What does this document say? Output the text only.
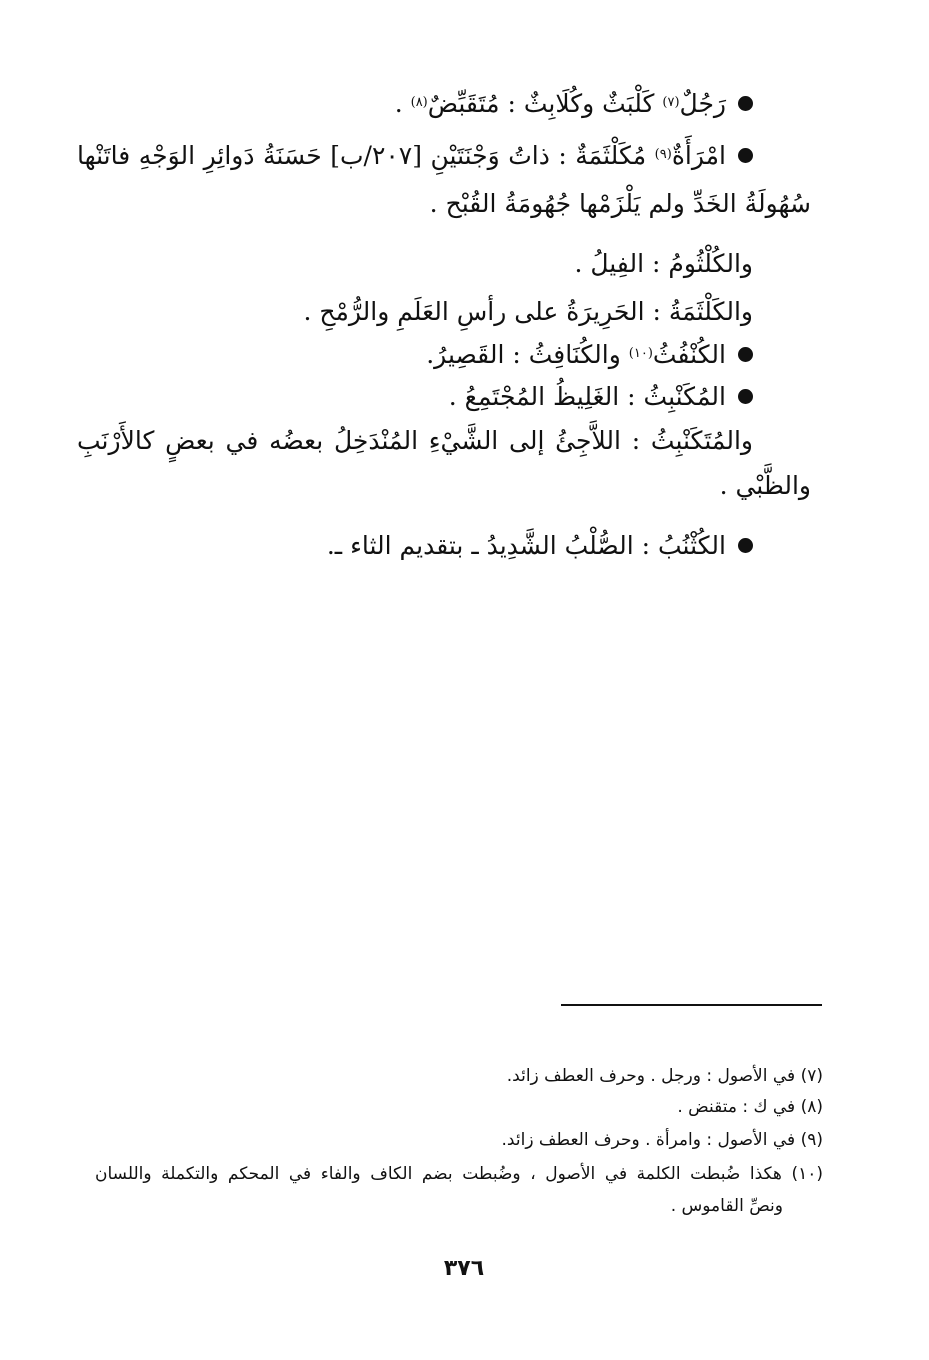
رَجُلٌ$^{(٧)}$ كَلْبَثٌ وكُلَابِثٌ : مُتَقَبِّضٌ$^{(٨)}$ .
امْرَأَةٌ$^{(٩)}$ مُكَلْثَمَةٌ : ذاتُ وَجْنَتَيْنِ [٢٠٧/ب] حَسَنَةُ دَوائِرِ الوَجْهِ فاتَنْها
سُهُولَةُ الخَدِّ ولم يَلْزَمْها جُهُومَةُ القُبْح .
والكُلْثُومُ : الفِيلُ .
والكَلْثَمَةُ : الحَرِيرَةُ على رأسِ العَلَمِ والرُّمْحِ .
الكُنْفُثُ$^{(١٠)}$ والكُنَافِثُ : القَصِيرُ.
المُكَنْبِثُ : الغَلِيظُ المُجْتَمِعُ .
والمُتَكَنْبِثُ : اللاَّجِئُ إلى الشَّيْءِ المُنْدَخِلُ بعضُه في بعضٍ كالأَرْنَبِ
والظَّبْي .
الكُثْنُبُ : الصُّلْبُ الشَّدِيدُ ـ بتقديم الثاء ـ.
(٧) في الأصول : ورجل . وحرف العطف زائد.
(٨) في ك : متقنض .
(٩) في الأصول : وامرأة . وحرف العطف زائد.
(١٠) هكذا ضُبطت الكلمة في الأصول ، وضُبطت بضم الكاف والفاء في المحكم والتكملة واللسان
ونصِّ القاموس .
٣٧٦
